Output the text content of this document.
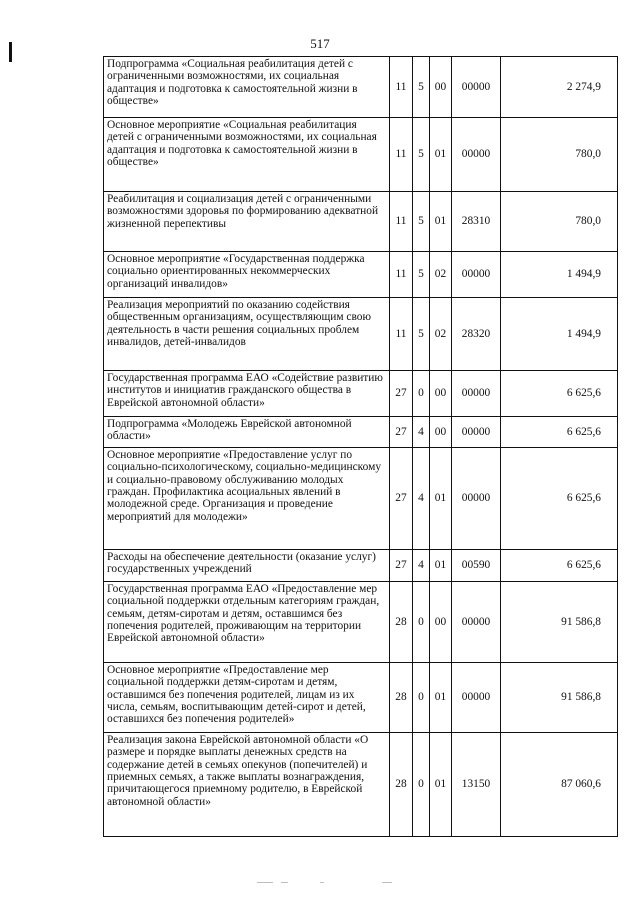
517
Подпрограмма «Социальная реабилитация детей с ограниченными возможностями, их социальная адаптация и подготовка к самостоятельной жизни в обществе»	11	5	00	00000	2 274,9
Основное мероприятие «Социальная реабилитация детей с ограниченными возможностями, их социальная адаптация и подготовка к самостоятельной жизни в обществе»	11	5	01	00000	780,0
Реабилитация и социализация детей с ограниченными возможностями здоровья по формированию адекватной жизненной перепективы	11	5	01	28310	780,0
Основное мероприятие «Государственная поддержка социально ориентированных некоммерческих организаций инвалидов»	11	5	02	00000	1 494,9
Реализация мероприятий по оказанию содействия общественным организациям, осуществляющим свою деятельность в части решения социальных проблем инвалидов, детей-инвалидов	11	5	02	28320	1 494,9
Государственная программа ЕАО «Содействие развитию институтов и инициатив гражданского общества в Еврейской автономной области»	27	0	00	00000	6 625,6
Подпрограмма «Молодежь Еврейской автономной области»	27	4	00	00000	6 625,6
Основное мероприятие «Предоставление услуг по социально-психологическому, социально-медицинскому и социально-правовому обслуживанию молодых граждан. Профилактика асоциальных явлений в молодежной среде. Организация и проведение мероприятий для молодежи»	27	4	01	00000	6 625,6
Расходы на обеспечение деятельности (оказание услуг) государственных учреждений	27	4	01	00590	6 625,6
Государственная программа ЕАО «Предоставление мер социальной поддержки отдельным категориям граждан, семьям, детям-сиротам и детям, оставшимся без попечения родителей, проживающим на территории Еврейской автономной области»	28	0	00	00000	91 586,8
Основное мероприятие «Предоставление мер социальной поддержки детям-сиротам и детям, оставшимся без попечения родителей, лицам из их числа, семьям, воспитывающим детей-сирот и детей, оставшихся без попечения родителей»	28	0	01	00000	91 586,8
Реализация закона Еврейской автономной области «О размере и порядке выплаты денежных средств на содержание детей в семьях опекунов (попечителей) и приемных семьях, а также выплаты вознаграждения, причитающегося приемному родителю, в Еврейской автономной области»	28	0	01	13150	87 060,6
